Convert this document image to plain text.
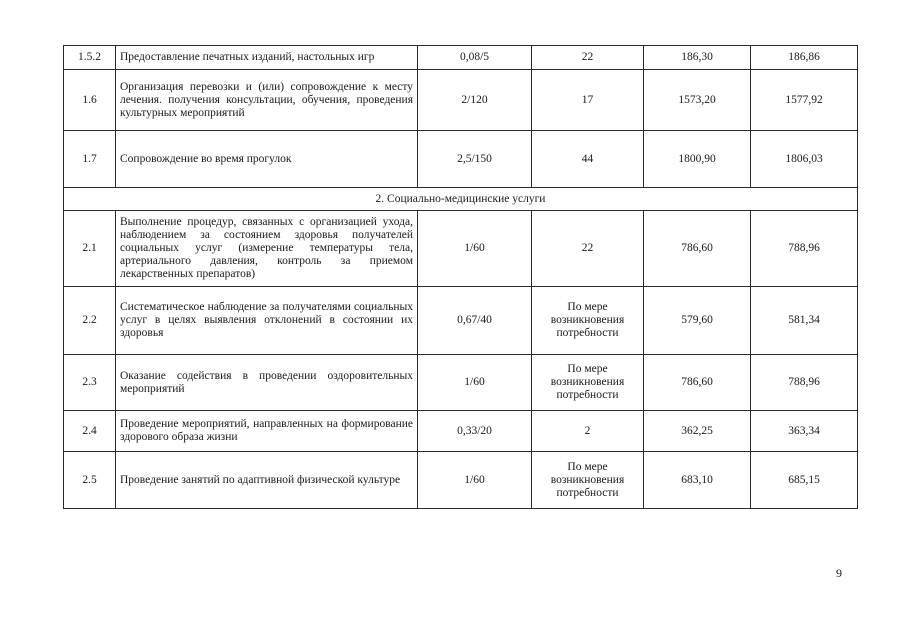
1.5.2	Предоставление печатных изданий, настольных игр	0,08/5	22	186,30	186,86
1.6	Организация перевозки и (или) сопровождение к месту лечения. получения консультации, обучения, проведения культурных мероприятий	2/120	17	1573,20	1577,92
1.7	Сопровождение во время прогулок	2,5/150	44	1800,90	1806,03
2. Социально-медицинские услуги					
2.1	Выполнение процедур, связанных с организацией ухода, наблюдением за состоянием здоровья получателей социальных услуг (измерение температуры тела, артериального давления, контроль за приемом лекарственных препаратов)	1/60	22	786,60	788,96
2.2	Систематическое наблюдение за получателями социальных услуг в целях выявления отклонений в состоянии их здоровья	0,67/40	По мере возникновения потребности	579,60	581,34
2.3	Оказание содействия в проведении оздоровительных мероприятий	1/60	По мере возникновения потребности	786,60	788,96
2.4	Проведение мероприятий, направленных на формирование здорового образа жизни	0,33/20	2	362,25	363,34
2.5	Проведение занятий по адаптивной физической культуре	1/60	По мере возникновения потребности	683,10	685,15
9
